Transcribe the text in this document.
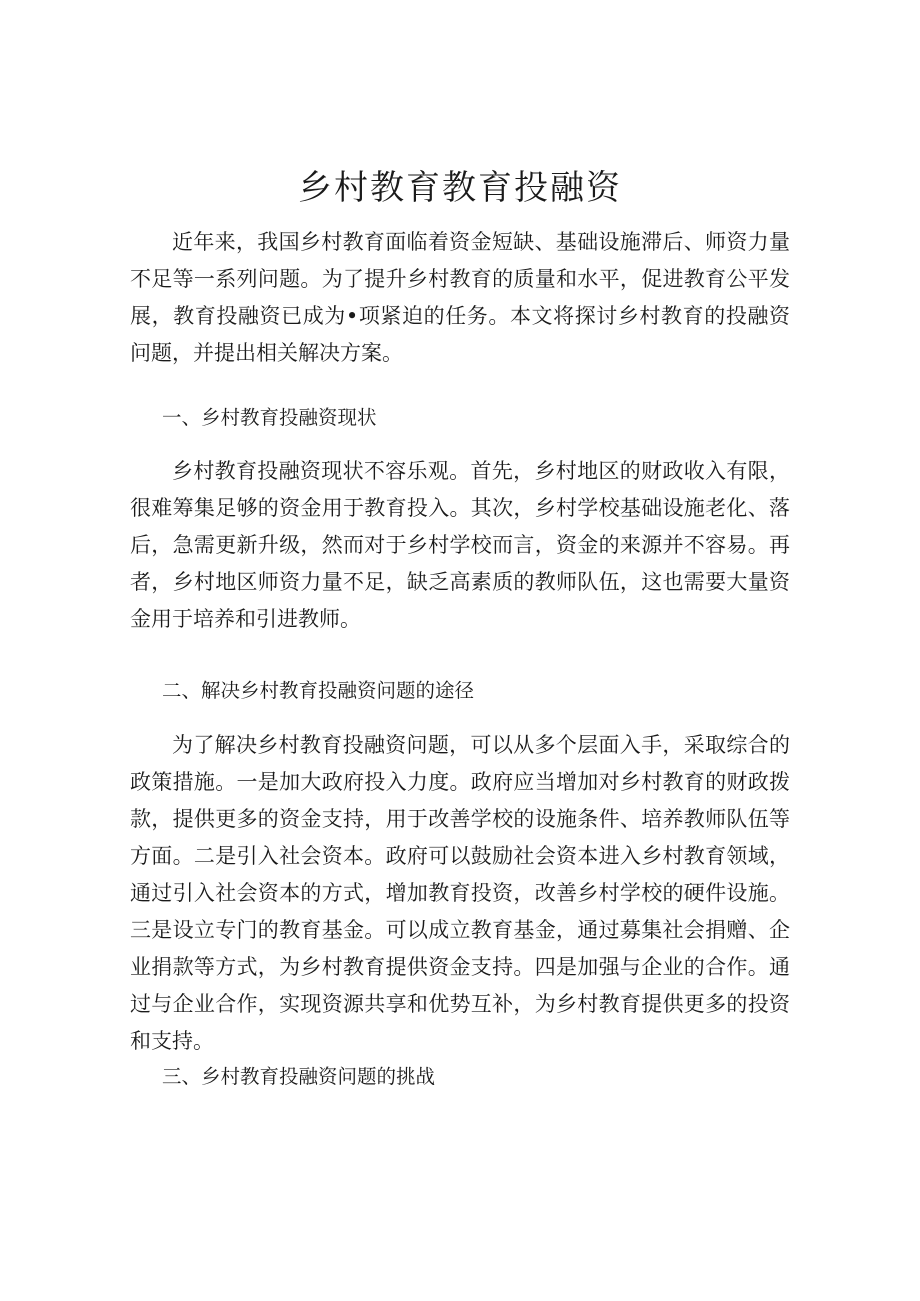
乡村教育教育投融资

近年来，我国乡村教育面临着资金短缺、基础设施滞后、师资力量不足等一系列问题。为了提升乡村教育的质量和水平，促进教育公平发展，教育投融资已成为•项紧迫的任务。本文将探讨乡村教育的投融资问题，并提出相关解决方案。

一、乡村教育投融资现状

乡村教育投融资现状不容乐观。首先，乡村地区的财政收入有限，很难筹集足够的资金用于教育投入。其次，乡村学校基础设施老化、落后，急需更新升级，然而对于乡村学校而言，资金的来源并不容易。再者，乡村地区师资力量不足，缺乏高素质的教师队伍，这也需要大量资金用于培养和引进教师。

二、解决乡村教育投融资问题的途径

为了解决乡村教育投融资问题，可以从多个层面入手，采取综合的政策措施。一是加大政府投入力度。政府应当增加对乡村教育的财政拨款，提供更多的资金支持，用于改善学校的设施条件、培养教师队伍等方面。二是引入社会资本。政府可以鼓励社会资本进入乡村教育领域，通过引入社会资本的方式，增加教育投资，改善乡村学校的硬件设施。三是设立专门的教育基金。可以成立教育基金，通过募集社会捐赠、企业捐款等方式，为乡村教育提供资金支持。四是加强与企业的合作。通过与企业合作，实现资源共享和优势互补，为乡村教育提供更多的投资和支持。

三、乡村教育投融资问题的挑战
